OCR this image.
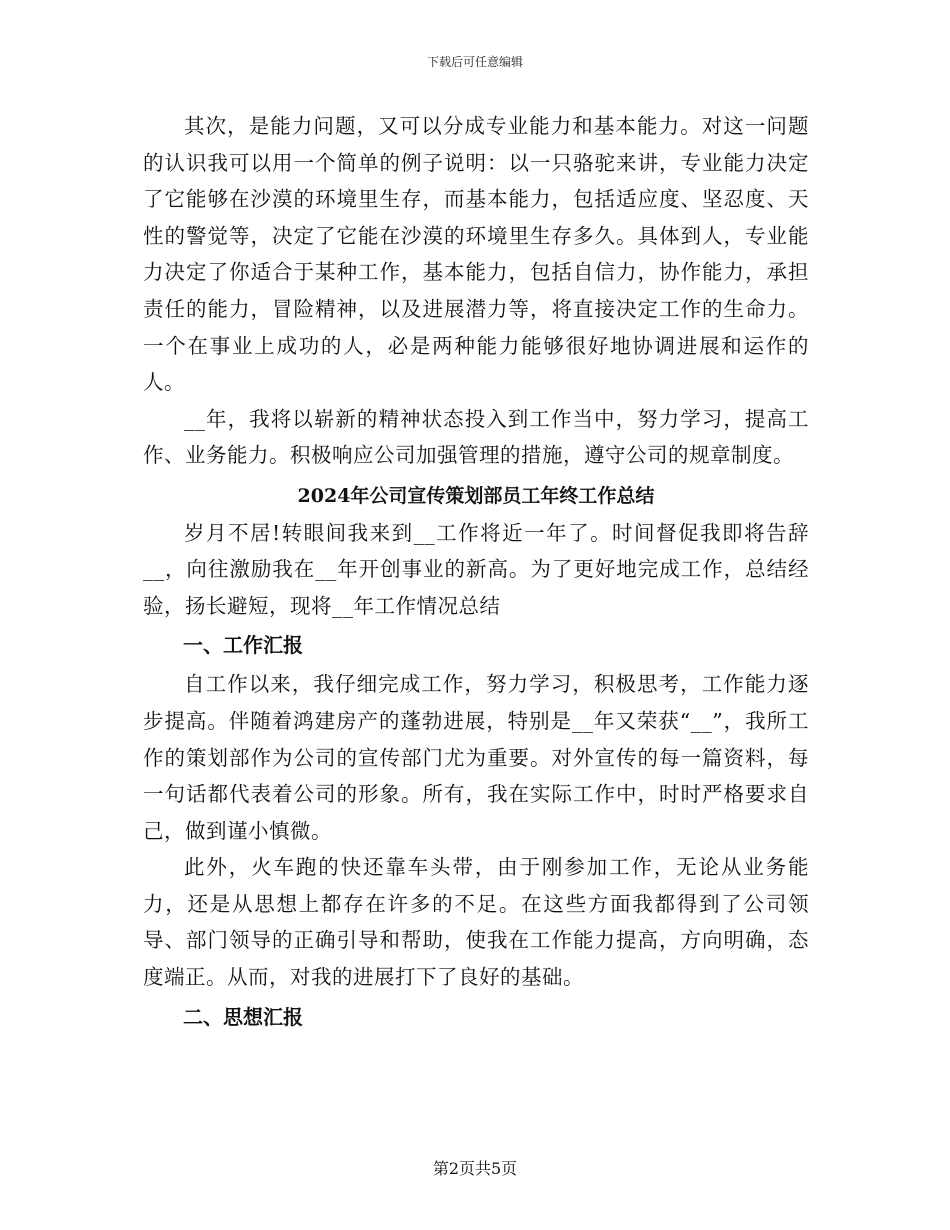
下载后可任意编辑

其次，是能力问题，又可以分成专业能力和基本能力。对这一问题的认识我可以用一个简单的例子说明：以一只骆驼来讲，专业能力决定了它能够在沙漠的环境里生存，而基本能力，包括适应度、坚忍度、天性的警觉等，决定了它能在沙漠的环境里生存多久。具体到人，专业能力决定了你适合于某种工作，基本能力，包括自信力，协作能力，承担责任的能力，冒险精神，以及进展潜力等，将直接决定工作的生命力。一个在事业上成功的人，必是两种能力能够很好地协调进展和运作的人。

__年，我将以崭新的精神状态投入到工作当中，努力学习，提高工作、业务能力。积极响应公司加强管理的措施，遵守公司的规章制度。

2024年公司宣传策划部员工年终工作总结

岁月不居!转眼间我来到__工作将近一年了。时间督促我即将告辞__，向往激励我在__年开创事业的新高。为了更好地完成工作，总结经验，扬长避短，现将__年工作情况总结

一、工作汇报

自工作以来，我仔细完成工作，努力学习，积极思考，工作能力逐步提高。伴随着鸿建房产的蓬勃进展，特别是__年又荣获“__”，我所工作的策划部作为公司的宣传部门尤为重要。对外宣传的每一篇资料，每一句话都代表着公司的形象。所有，我在实际工作中，时时严格要求自己，做到谨小慎微。

此外，火车跑的快还靠车头带，由于刚参加工作，无论从业务能力，还是从思想上都存在许多的不足。在这些方面我都得到了公司领导、部门领导的正确引导和帮助，使我在工作能力提高，方向明确，态度端正。从而，对我的进展打下了良好的基础。

二、思想汇报
第2页共5页
